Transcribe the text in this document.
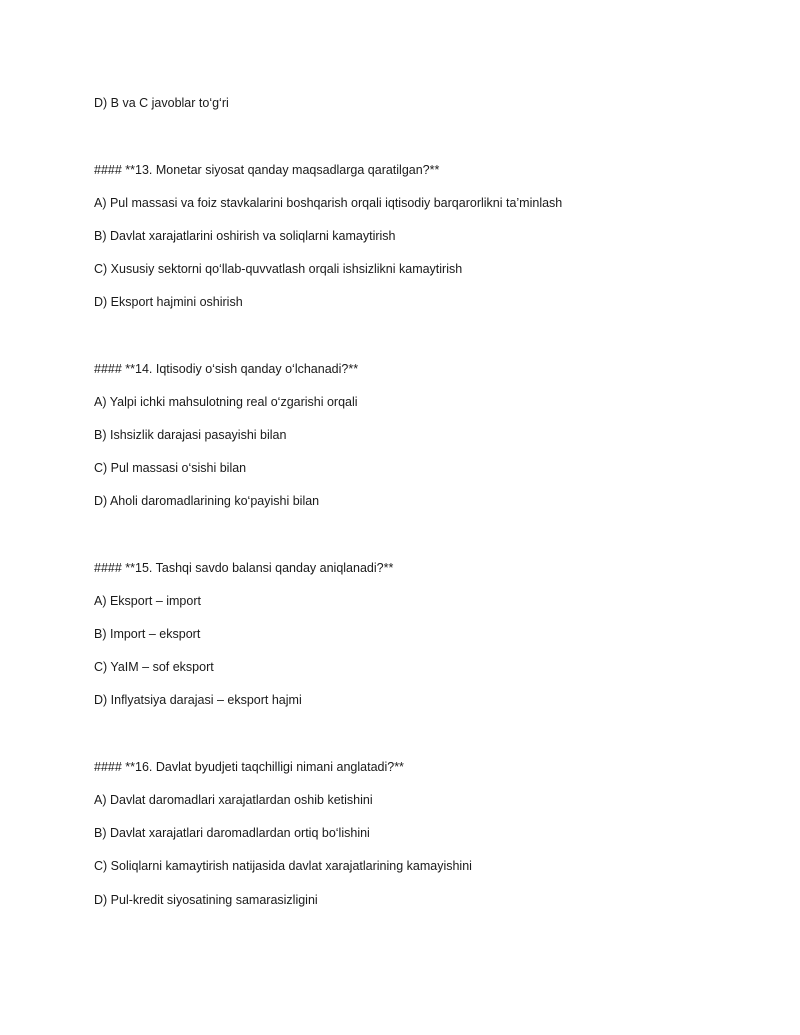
D) B va C javoblar to‘g‘ri
#### **13. Monetar siyosat qanday maqsadlarga qaratilgan?**
A) Pul massasi va foiz stavkalarini boshqarish orqali iqtisodiy barqarorlikni ta’minlash
B) Davlat xarajatlarini oshirish va soliqlarni kamaytirish
C) Xususiy sektorni qo‘llab-quvvatlash orqali ishsizlikni kamaytirish
D) Eksport hajmini oshirish
#### **14. Iqtisodiy o‘sish qanday o‘lchanadi?**
A) Yalpi ichki mahsulotning real o‘zgarishi orqali
B) Ishsizlik darajasi pasayishi bilan
C) Pul massasi o‘sishi bilan
D) Aholi daromadlarining ko‘payishi bilan
#### **15. Tashqi savdo balansi qanday aniqlanadi?**
A) Eksport – import
B) Import – eksport
C) YaIM – sof eksport
D) Inflyatsiya darajasi – eksport hajmi
#### **16. Davlat byudjeti taqchilligi nimani anglatadi?**
A) Davlat daromadlari xarajatlardan oshib ketishini
B) Davlat xarajatlari daromadlardan ortiq bo‘lishini
C) Soliqlarni kamaytirish natijasida davlat xarajatlarining kamayishini
D) Pul-kredit siyosatining samarasizligini
